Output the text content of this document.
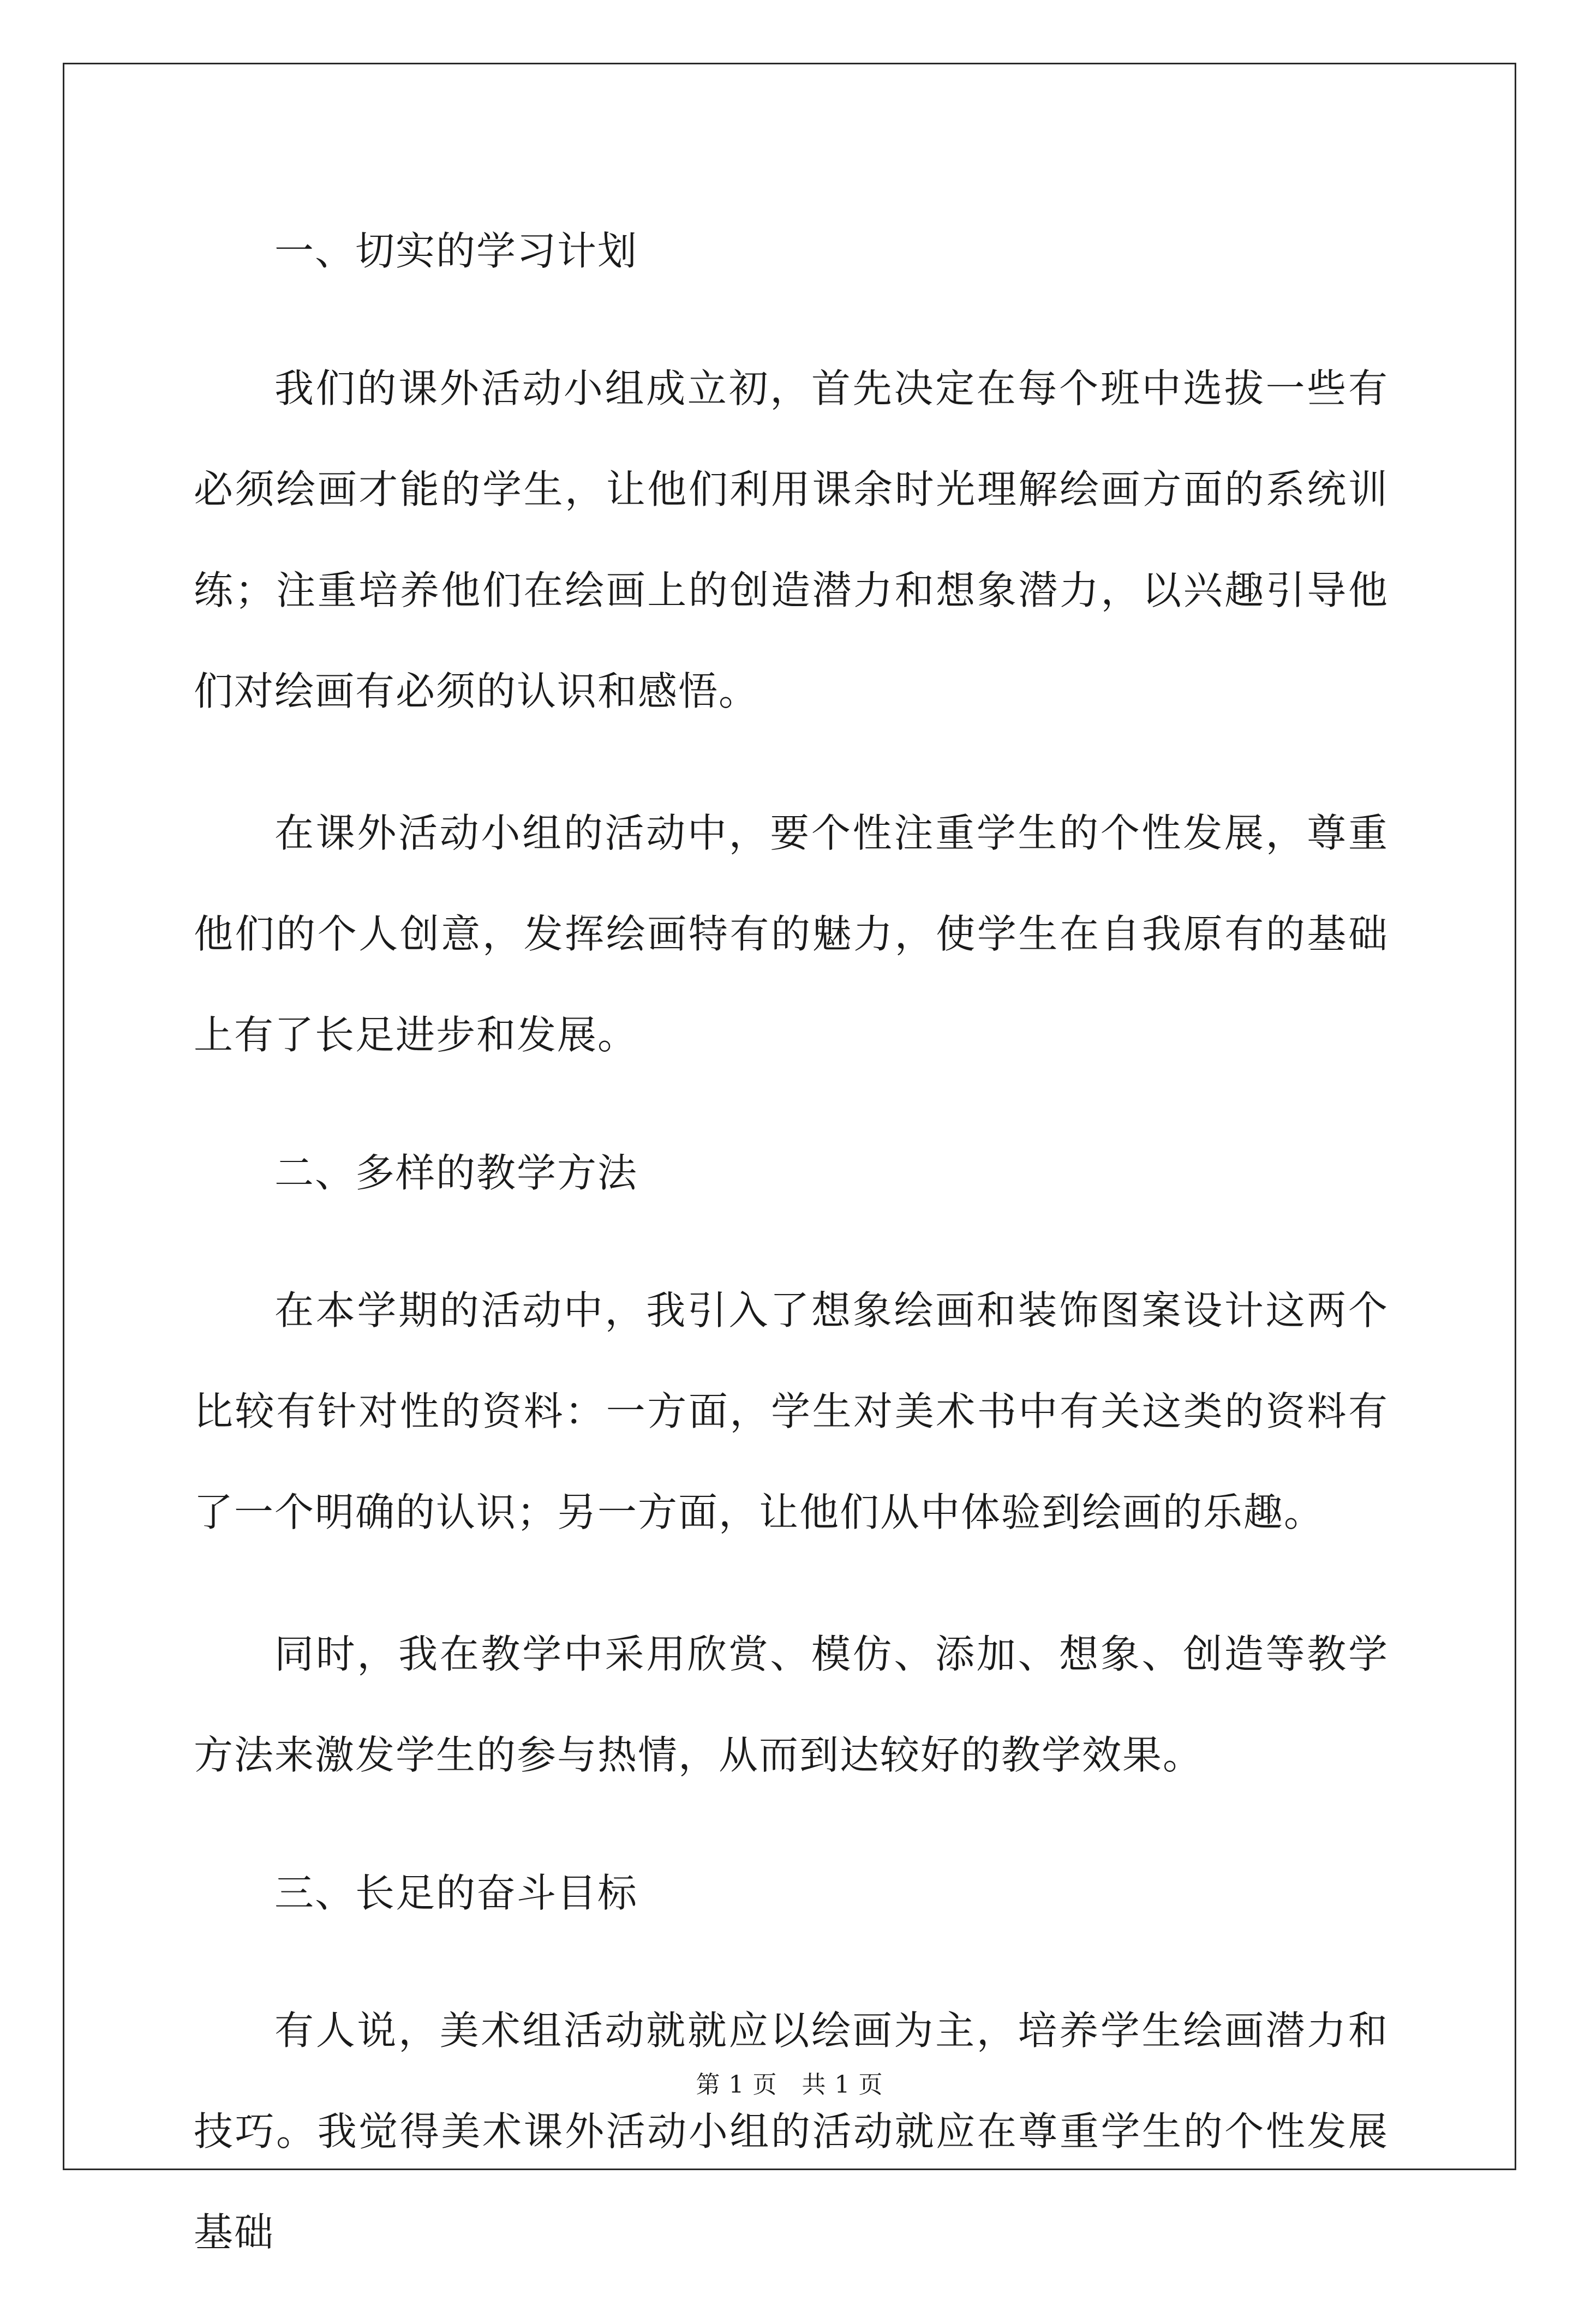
一、切实的学习计划

我们的课外活动小组成立初，首先决定在每个班中选拔一些有必须绘画才能的学生，让他们利用课余时光理解绘画方面的系统训练；注重培养他们在绘画上的创造潜力和想象潜力，以兴趣引导他们对绘画有必须的认识和感悟。

在课外活动小组的活动中，要个性注重学生的个性发展，尊重他们的个人创意，发挥绘画特有的魅力，使学生在自我原有的基础上有了长足进步和发展。

二、多样的教学方法

在本学期的活动中，我引入了想象绘画和装饰图案设计这两个比较有针对性的资料：一方面，学生对美术书中有关这类的资料有了一个明确的认识；另一方面，让他们从中体验到绘画的乐趣。

同时，我在教学中采用欣赏、模仿、添加、想象、创造等教学方法来激发学生的参与热情，从而到达较好的教学效果。

三、长足的奋斗目标

有人说，美术组活动就就应以绘画为主，培养学生绘画潜力和技巧。我觉得美术课外活动小组的活动就应在尊重学生的个性发展基础

第 1 页　共 1 页
